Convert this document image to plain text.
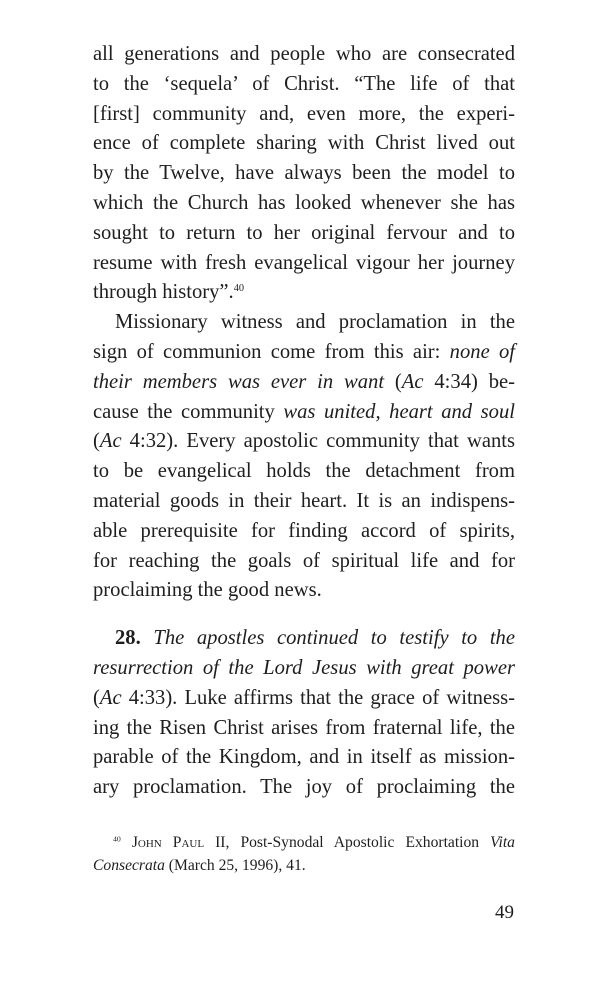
all generations and people who are consecrated
to the ‘sequela’ of Christ. “The life of that
[first] community and, even more, the experi-
ence of complete sharing with Christ lived out
by the Twelve, have always been the model to
which the Church has looked whenever she has
sought to return to her original fervour and to
resume with fresh evangelical vigour her journey
through history”.$^{40}$
Missionary witness and proclamation in the
sign of communion come from this air: none of
their members was ever in want (Ac 4:34) be-
cause the community was united, heart and soul
(Ac 4:32). Every apostolic community that wants
to be evangelical holds the detachment from
material goods in their heart. It is an indispens-
able prerequisite for finding accord of spirits,
for reaching the goals of spiritual life and for
proclaiming the good news.
28. The apostles continued to testify to the
resurrection of the Lord Jesus with great power
(Ac 4:33). Luke affirms that the grace of witness-
ing the Risen Christ arises from fraternal life, the
parable of the Kingdom, and in itself as mission-
ary proclamation. The joy of proclaiming the
$^{40}$ John Paul II, Post-Synodal Apostolic Exhortation Vita
Consecrata (March 25, 1996), 41.
49
